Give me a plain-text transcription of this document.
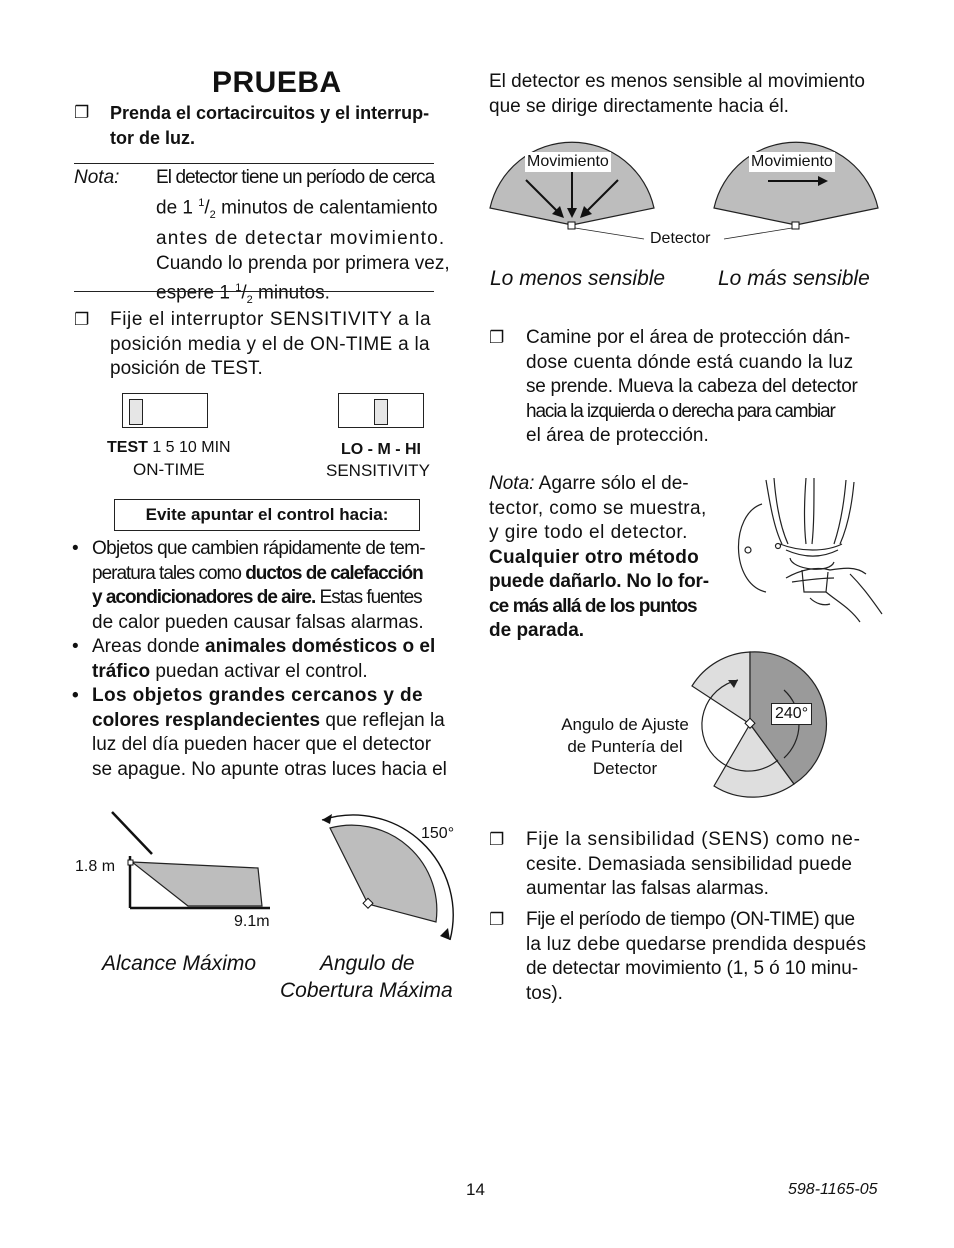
PRUEBA
❐ Prenda el cortacircuitos y el interrup-
tor de luz.
Nota: El detector tiene un período de cerca
de 1 $^1/_2$ minutos de calentamiento
antes de detectar movimiento.
Cuando lo prenda por primera vez,
espere 1 $^1/_2$ minutos.
❐ Fije el interruptor SENSITIVITY a la
posición media y el de ON-TIME a la
posición de TEST.
TEST 1 5 10 MIN
ON-TIME
LO - M - HI
SENSITIVITY
Evite apuntar el control hacia:
• Objetos que cambien rápidamente de tem-
peratura tales como ductos de calefacción
y acondicionadores de aire. Estas fuentes
de calor pueden causar falsas alarmas.
• Areas donde animales domésticos o el
tráfico puedan activar el control.
• Los objetos grandes cercanos y de
colores resplandecientes que reflejan la
luz del día pueden hacer que el detector
se apague. No apunte otras luces hacia el
1.8 m
9.1m
Alcance Máximo
150°
Angulo de
Cobertura Máxima
El detector es menos sensible al movimiento
que se dirige directamente hacia él.
Movimiento	Movimiento
Detector
Lo menos sensible	Lo más sensible
❐ Camine por el área de protección dán-
dose cuenta dónde está cuando la luz
se prende. Mueva la cabeza del detector
hacia la izquierda o derecha para cambiar
el área de protección.
Nota: Agarre sólo el de-
tector, como se muestra,
y gire todo el detector.
Cualquier otro método
puede dañarlo. No lo for-
ce más allá de los puntos
de parada.
240°
Angulo de Ajuste
de Puntería del
Detector
❐ Fije la sensibilidad (SENS) como ne-
cesite. Demasiada sensibilidad puede
aumentar las falsas alarmas.
❐ Fije el período de tiempo (ON-TIME) que
la luz debe quedarse prendida después
de detectar movimiento (1, 5 ó 10 minu-
tos).
14	598-1165-05
